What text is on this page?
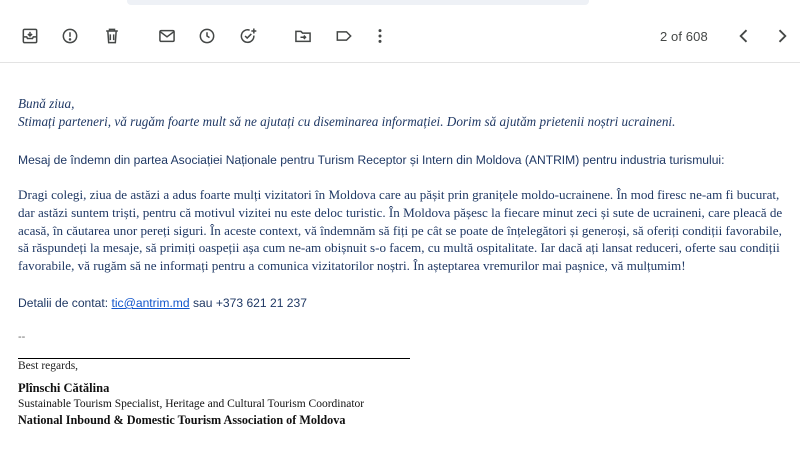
2 of 608
Bună ziua,
Stimați parteneri, vă rugăm foarte mult să ne ajutați cu diseminarea informației. Dorim să ajutăm prietenii noștri ucraineni.
Mesaj de îndemn din partea Asociației Naționale pentru Turism Receptor și Intern din Moldova (ANTRIM) pentru industria turismului:
Dragi colegi, ziua de astăzi a adus foarte mulți vizitatori în Moldova care au pășit prin granițele moldo-ucrainene. În mod firesc ne-am fi bucurat, dar astăzi suntem triști, pentru că motivul vizitei nu este deloc turistic. În Moldova pășesc la fiecare minut zeci și sute de ucraineni, care pleacă de acasă, în căutarea unor pereți siguri. În aceste context, vă îndemnăm să fiți pe cât se poate de înțelegători și generoși, să oferiți condiții favorabile, să răspundeți la mesaje, să primiți oaspeții așa cum ne-am obișnuit s-o facem, cu multă ospitalitate. Iar dacă ați lansat reduceri, oferte sau condiții favorabile, vă rugăm să ne informați pentru a comunica vizitatorilor noștri. În așteptarea vremurilor mai pașnice, vă mulțumim!
Detalii de contat: tic@antrim.md sau +373 621 21 237
--
Best regards,
Plînschi Cătălina
Sustainable Tourism Specialist, Heritage and Cultural Tourism Coordinator
National Inbound & Domestic Tourism Association of Moldova
